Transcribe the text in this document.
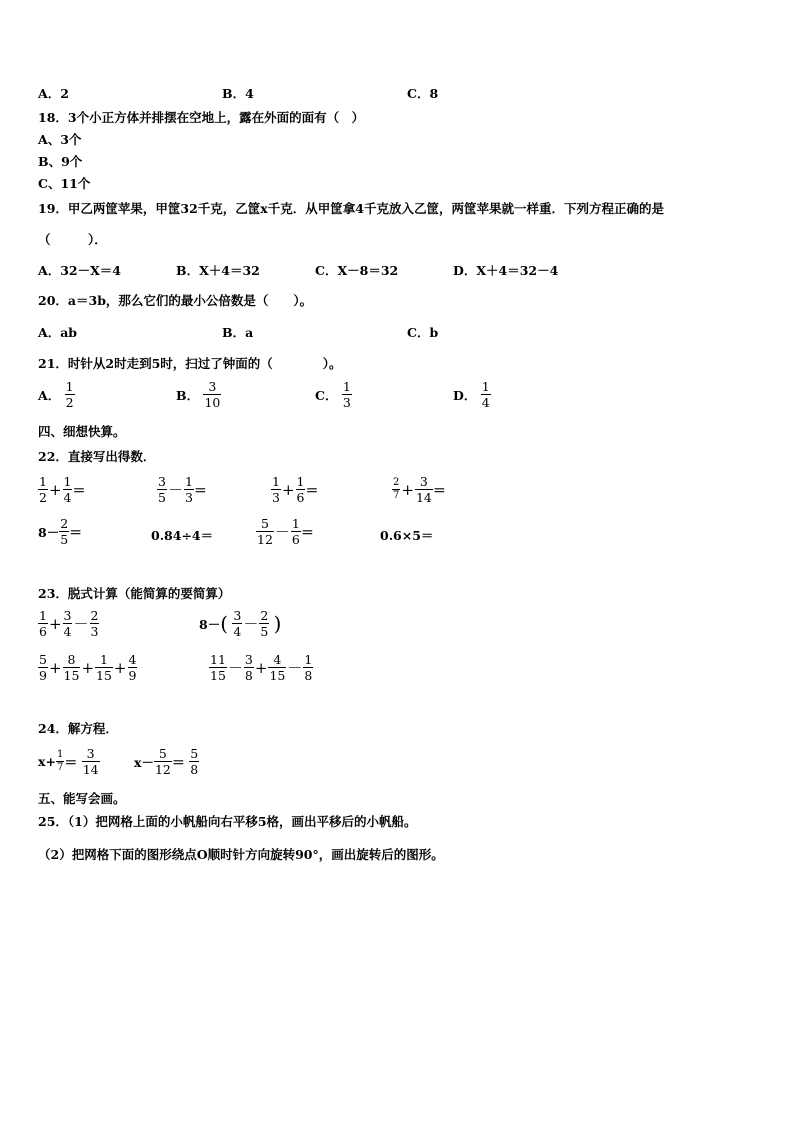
A．2	B．4	C．8
18．3个小正方体并排摆在空地上，露在外面的面有（　）
A、3个
B、9个
C、11个
19．甲乙两筐苹果，甲筐32千克，乙筐x千克．从甲筐拿4千克放入乙筐，两筐苹果就一样重．下列方程正确的是
（　　　）．
A．32－X＝4	B．X＋4＝32	C．X－8＝32	D．X＋4＝32－4
20．a＝3b，那么它们的最小公倍数是（　　）。
A．ab	B．a	C．b
21．时针从2时走到5时，扫过了钟面的（　　　　）。
A． $\frac{1}{2}$	B． $\frac{3}{10}$	C． $\frac{1}{3}$	D． $\frac{1}{4}$
四、细想快算。
22．直接写出得数．
$\frac{1}{2} + \frac{1}{4}$ ＝	$\frac{3}{5} - \frac{1}{3}$ ＝	$\frac{1}{3} + \frac{1}{6}$ ＝	$\frac{2}{7} + \frac{3}{14}$ ＝
$8- \frac{2}{5}$ ＝	0.84÷4＝	$\frac{5}{12} - \frac{1}{6}$ ＝	0.6×5＝
23．脱式计算（能简算的要简算）
$\frac{1}{6} + \frac{3}{4} - \frac{2}{3}$	$8-( \frac{3}{4} - \frac{2}{5}$ )
$\frac{5}{9} + \frac{8}{15} + \frac{1}{15} + \frac{4}{9}$	$\frac{11}{15} - \frac{3}{8} + \frac{4}{15} - \frac{1}{8}$
24．解方程．
$x+ \frac{1}{7} = \frac{3}{14}$	$x- \frac{5}{12} = \frac{5}{8}$
五、能写会画。
25．（1）把网格上面的小帆船向右平移5格，画出平移后的小帆船。
（2）把网格下面的图形绕点O顺时针方向旋转90°，画出旋转后的图形。
